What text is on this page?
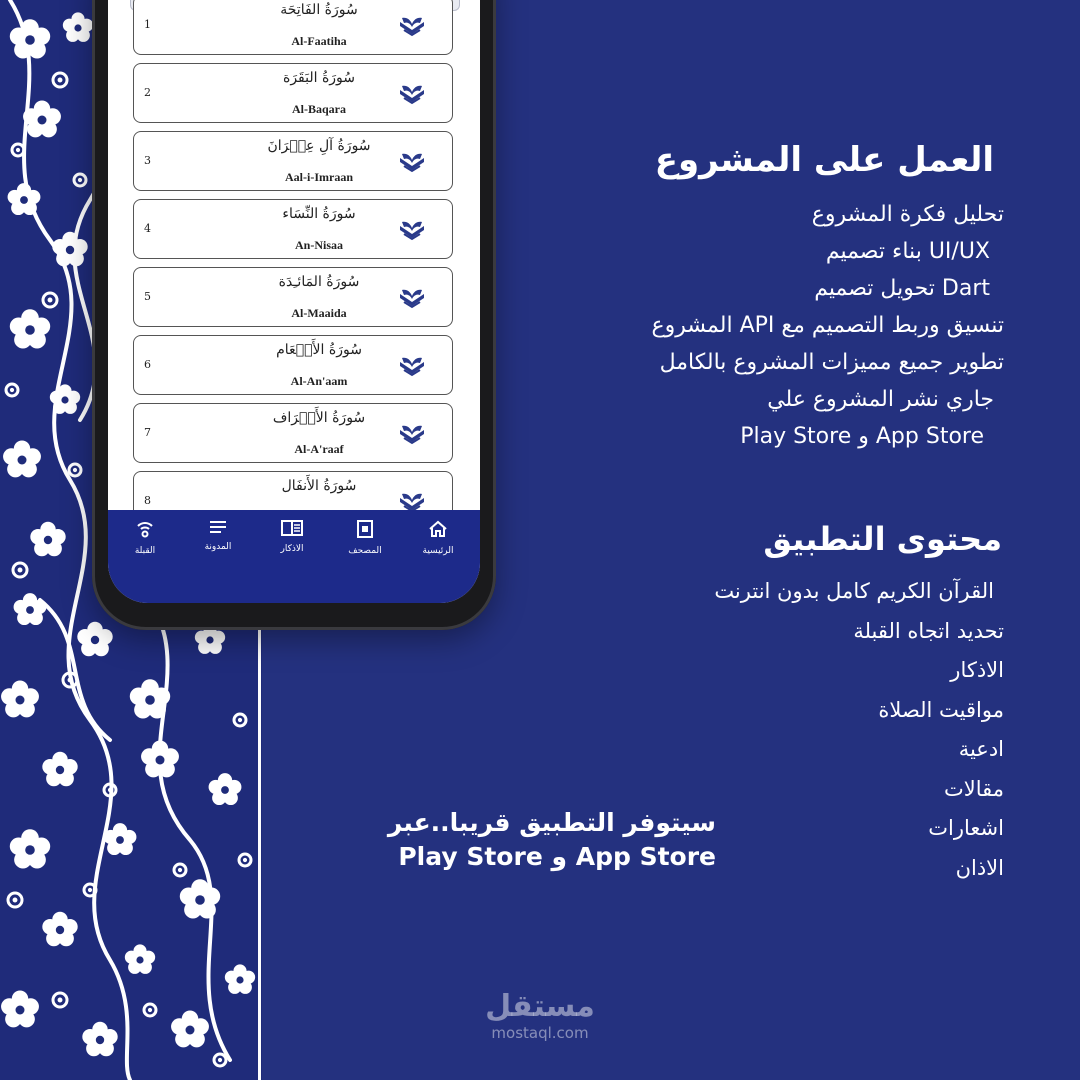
1
سُورَةُ الفَاتِحَة
Al-Faatiha
2
سُورَةُ البَقَرَة
Al-Baqara
3
سُورَةُ آلِ عِمۡرَانَ
Aal-i-Imraan
4
سُورَةُ النِّسَاء
An-Nisaa
5
سُورَةُ المَائـِدَة
Al-Maaida
6
سُورَةُ الأَنۡعَام
Al-An'aam
7
سُورَةُ الأَعۡرَاف
Al-A'raaf
8
سُورَةُ الأَنفَال
الرئيسية
المصحف
الاذكار
المدونة
القبلة
العمل على المشروع
تحليل فكرة المشروع
UI/UX بناء تصميم
Dart تحويل تصميم
تنسيق وربط التصميم مع API المشروع
تطوير جميع مميزات المشروع بالكامل
جاري نشر المشروع علي
App Store و Play Store
محتوى التطبيق
القرآن الكريم كامل بدون انترنت
تحديد اتجاه القبلة
الاذكار
مواقيت الصلاة
ادعية
مقالات
اشعارات
الاذان
سيتوفر التطبيق قريبا..عبر
App Store و Play Store
مستقل
mostaql.com
